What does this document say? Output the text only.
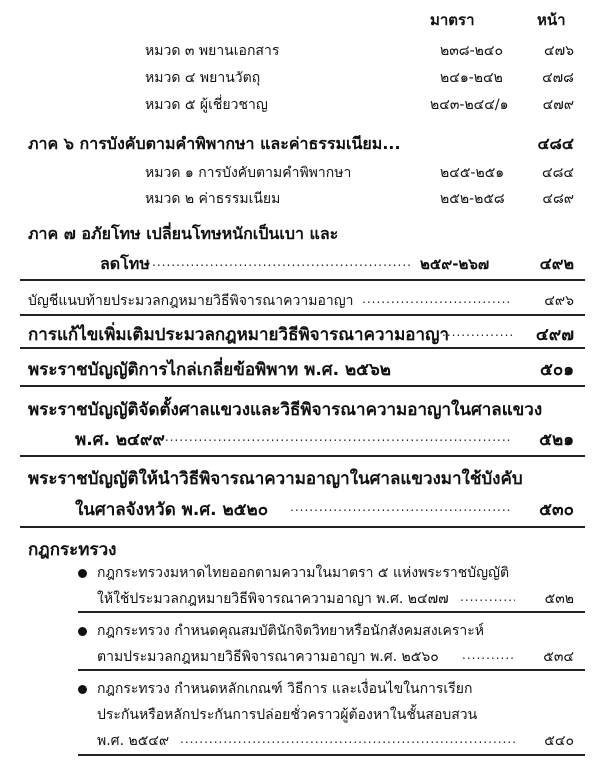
มาตรา	หน้า
หมวด ๓ พยานเอกสาร	๒๓๘-๒๔๐	๔๗๖
หมวด ๔ พยานวัตถุ	๒๔๑-๒๔๒	๔๗๘
หมวด ๕ ผู้เชี่ยวชาญ	๒๔๓-๒๔๔/๑ ๔๗๙
ภาค ๖ การบังคับตามคำพิพากษา และค่าธรรมเนียม...	๔๘๔
หมวด ๑ การบังคับตามคำพิพากษา	๒๔๕-๒๕๑	๔๘๔
หมวด ๒ ค่าธรรมเนียม	๒๕๒-๒๕๘	๔๘๙
ภาค ๗ อภัยโทษ เปลี่ยนโทษหนักเป็นเบา และ
ลดโทษ .....	๒๕๙-๒๖๗	๔๙๒
บัญชีแนบท้ายประมวลกฎหมายวิธีพิจารณาความอาญา .....	๔๙๖
การแก้ไขเพิ่มเติมประมวลกฎหมายวิธีพิจารณาความอาญา .....	๔๙๗
พระราชบัญญัติการไกล่เกลี่ยข้อพิพาท พ.ศ. ๒๕๖๒	๕๐๑
พระราชบัญญัติจัดตั้งศาลแขวงและวิธีพิจารณาความอาญาในศาลแขวง
พ.ศ. ๒๔๙๙ .....	๕๒๑
พระราชบัญญัติให้นำวิธีพิจารณาความอาญาในศาลแขวงมาใช้บังคับ
ในศาลจังหวัด พ.ศ. ๒๕๒๐ .....	๕๓๐
กฎกระทรวง
กฎกระทรวงมหาดไทยออกตามความในมาตรา ๕ แห่งพระราชบัญญัติ
ให้ใช้ประมวลกฎหมายวิธีพิจารณาความอาญา พ.ศ. ๒๔๗๗ .....	๕๓๒
กฎกระทรวง กำหนดคุณสมบัตินักจิตวิทยาหรือนักสังคมสงเคราะห์
ตามประมวลกฎหมายวิธีพิจารณาความอาญา พ.ศ. ๒๕๖๐ .....	๕๓๔
กฎกระทรวง กำหนดหลักเกณฑ์ วิธีการ และเงื่อนไขในการเรียก
ประกันหรือหลักประกันการปล่อยชั่วคราวผู้ต้องหาในชั้นสอบสวน
พ.ศ. ๒๕๔๙ .....	๕๔๐
